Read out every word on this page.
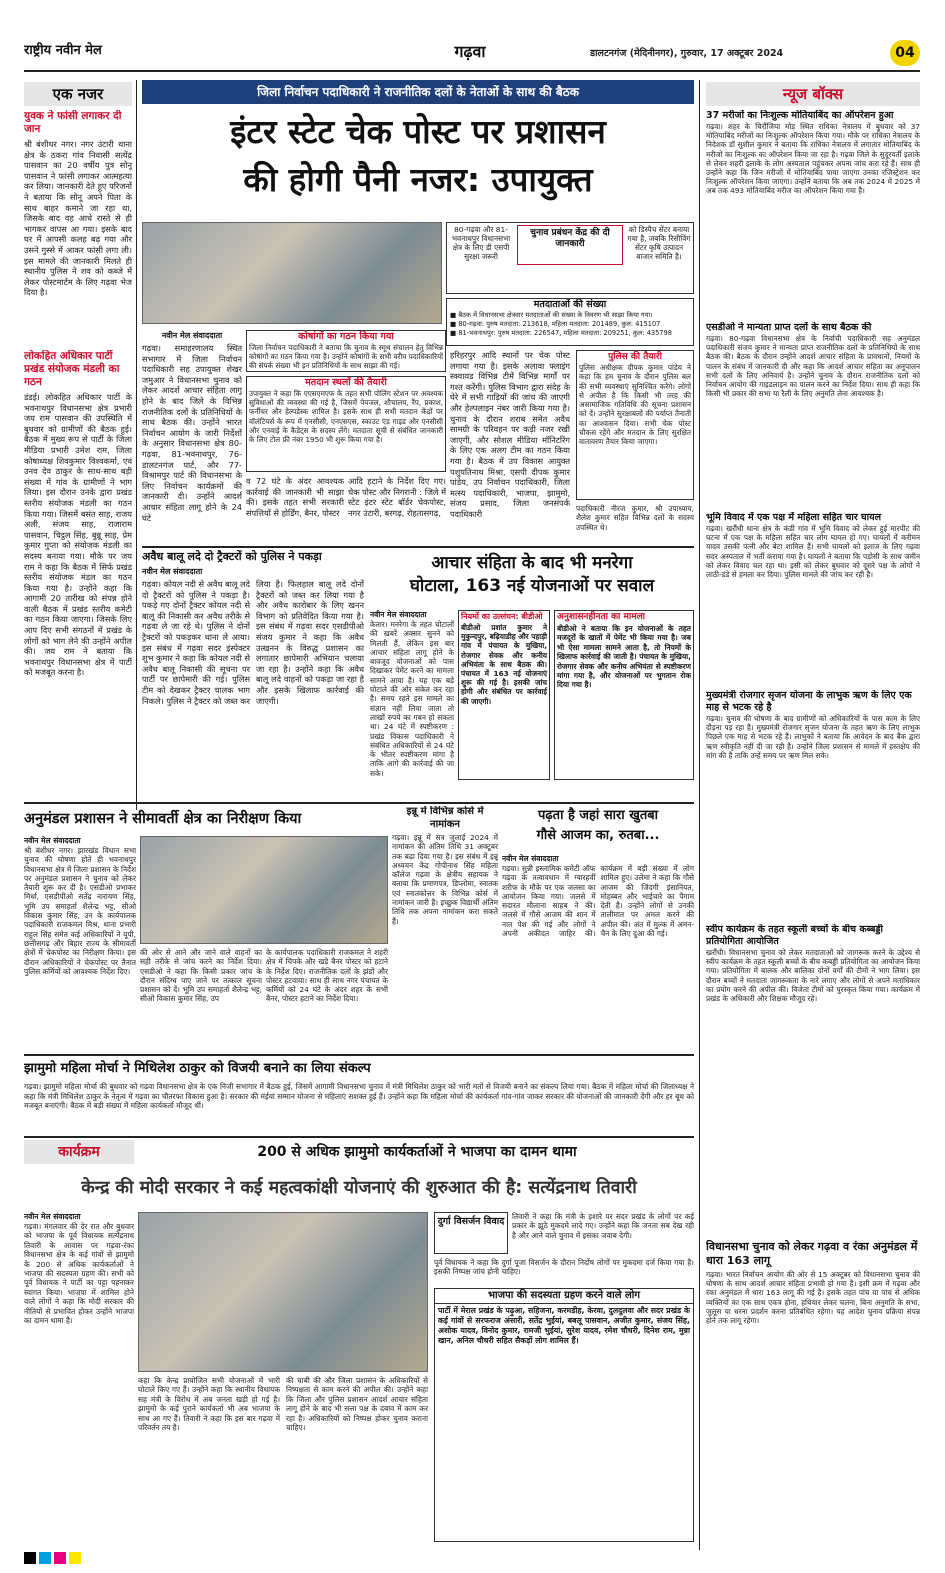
राष्ट्रीय नवीन मेल	गढ़वा	डालटनगंज (मेदिनीनगर), गुरुवार, 17 अक्टूबर 2024	04
एक नजर
युवक ने फांसी लगाकर दी जान
श्री बंशीधर नगर। नगर उंटारी थाना क्षेत्र के ठकरा गांव निवासी सत्येंद्र पासवान का 20 वर्षीय पुत्र सोनू पासवान ने फांसी लगाकर आत्महत्या कर लिया। जानकारी देते हुए परिजनों ने बताया कि सोनू अपने पिता के साथ बाहर कमाने जा रहा था, जिसके बाद वह आधे रास्ते से ही भागकर वापस आ गया। इसके बाद घर में आपसी कलह बढ़ गया और उसने गुस्से में आकर फांसी लगा ली। इस मामले की जानकारी मिलते ही स्थानीय पुलिस ने शव को कब्जे में लेकर पोस्टमार्टम के लिए गढ़वा भेज दिया है।
लोकहित अधिकार पार्टी प्रखंड संयोजक मंडली का गठन
डंडई। लोकहित अधिकार पार्टी के भवनाथपुर विधानसभा क्षेत्र प्रभारी जय राम पासवान की उपस्थिति में बुधवार को ग्रामीणों की बैठक हुई। बैठक में मुख्य रूप से पार्टी के जिला मीडिया प्रभारी उमेश राम, जिला कोषाध्यक्ष शिवकुमार विश्वकर्मा, एवं उनव देव ठाकुर के साथ-साथ बड़ी संख्या में गांव के ग्रामीणों ने भाग लिया। इस दौरान उनके द्वारा प्रखंड स्तरीय संयोजक मंडली का गठन किया गया। जिसमें बसंत साह, राजय अली, संजय साह, राजाराम पासवान, चिट्ठल सिंह, बुन्नू साह, प्रेम कुमार गुप्ता को संयोजक मंडली का सदस्य बनाया गया। मौके पर जय राम ने कहा कि बैठक में सिर्फ प्रखंड स्तरीय संयोजक मंडल का गठन किया गया है। उन्होंने कहा कि आगामी 20 तारीख को संपन्न होने वाली बैठक में प्रखंड स्तरीय कमेटी का गठन किया जाएगा। जिसके लिए आप दिए सभी संगठनों में प्रखंड के लोगों को भाग लेने की उन्होंने अपील की। जय राम ने बताया कि भवनाथपुर विधानसभा क्षेत्र में पार्टी को मजबूत करना है।
जिला निर्वाचन पदाधिकारी ने राजनीतिक दलों के नेताओं के साथ की बैठक
इंटर स्टेट चेक पोस्ट पर प्रशासन
की होगी पैनी नजर: उपायुक्त
80-गढ़वा और 81-भवनाथपुर विधानसभा क्षेत्र के लिए डी एसपी सुरक्षा जरूरी
चुनाव प्रबंधन केंद्र की दी जानकारी
को डिस्पैच सेंटर बनाया गया है, जबकि रिसीविंग सेंटर कृषि उत्पादन बाजार समिति है।
मतदाताओं की संख्या
■ बैठक में विधानसभा क्षेत्रवार मतदाताओं की संख्या के विवरण भी साझा किया गया।
■ 80-गढ़वा: पुरुष मतदाता: 213618, महिला मतदाता: 201489, कुल: 415107
■ 81-भवनाथपुर: पुरुष मतदाता: 226547, महिला मतदाता: 209251, कुल: 435798
नवीन मेल संवाददाता
गढ़वा। समाहरणालय स्थित सभागार में जिला निर्वाचन पदाधिकारी सह उपायुक्त शेखर जमुआर ने विधानसभा चुनाव को लेकर आदर्श आचार संहिता लागू होने के बाद जिले के विभिन्न राजनीतिक दलों के प्रतिनिधियों के साथ बैठक की। उन्होंने भारत निर्वाचन आयोग के जारी निर्देशों के अनुसार विधानसभा क्षेत्र 80-गढ़वा, 81-भवनाथपुर, 76-डालटनगंज पार्ट, और 77-विश्रामपुर पार्ट की विधानसभा के लिए निर्वाचन कार्यक्रमों की जानकारी दी। उन्होंने आदर्श आचार संहिता लागू होने के 24 घंटे
कोषांगों का गठन किया गया
जिला निर्वाचन पदाधिकारी ने बताया कि चुनाव के स्मूथ संचालन हेतु विभिन्न कोषांगों का गठन किया गया है। उन्होंने कोषांगों के सभी वरीय पदाधिकारियों की संपर्क संख्या भी इन प्रतिनिधियों के साथ साझा की गई।
मतदान स्थलों की तैयारी
उपायुक्त ने कहा कि एएसएमएफ के तहत सभी पोलिंग स्टेशन पर अवश्यक सुविधाओं की व्यवस्था की गई है, जिसमें पेयजल, शौचालय, रैंप, प्रकाश, फर्नीचर और हेल्पडेस्क शामिल है। इसके साथ ही सभी मतदान केंद्रों पर वॉलंटियर्स के रूप में एनसीसी, एनएसएस, स्काउट एंड गाइड और एनसीसी और एनवाई के कैडेट्स के सदस्य लेंगे। मतदाता सूची से संबंधित जानकारी के लिए टोल फ्री नंबर 1950 भी शुरू किया गया है।
व 72 घंटे के अंदर आवश्यक कार्रवाई की जानकारी भी साझा की। इसके तहत सभी सरकारी संपत्तियों से होर्डिंग, बैनर, पोस्टर
आदि हटाने के निर्देश दिए गए। चेक पोस्ट और निगरानी : जिले में स्टेट इंटर स्टेट बॉर्डर चेकपोस्ट, नगर उंटारी, बरगढ़, रोहतासगढ़,
हरिहरपुर आदि स्थानों पर चेक पोस्ट लगाया गया है। इसके अलावा फ्लाइंग स्क्वायड विभिन्न टीमें विभिन्न मार्गों पर गश्त करेंगी। पुलिस विभाग द्वारा संदेह के घेरे में सभी गाड़ियों की जांच की जाएगी और हेल्पलाइन नंबर जारी किया गया है। चुनाव के दौरान शराब समेत अवैध सामग्री के परिवहन पर कड़ी नजर रखी जाएगी, और सोशल मीडिया मॉनिटरिंग के लिए एक अलग टीम का गठन किया गया है। बैठक में उप विकास आयुक्त पशुपतिनाथ मिश्रा, एसपी दीपक कुमार पांडेय, उप निर्वाचन पदाधिकारी, जिला मत्स्य पदाधिकारी, भाजपा, झामुमो, संजय प्रसाद, जिला जनसंपर्क पदाधिकारी
पुलिस की तैयारी
पुलिस अधीक्षक दीपक कुमार पांडेय ने कहा कि हम चुनाव के दौरान पुलिस बल की सभी व्यवस्थाएं सुनिश्चित करेंगे। लोगों से अपील है कि किसी भी तरह की असामाजिक गतिविधि की सूचना प्रशासन को दें। उन्होंने सुरक्षाबलों की पर्याप्त तैनाती का आश्वासन दिया। सभी चेक पोस्ट चौकस रहेंगे और मतदान के लिए सुरक्षित वातावरण तैयार किया जाएगा।
पदाधिकारी नीरज कुमार, श्री उपाध्याय, शैलेश कुमार सहित विभिन्न दलों के सदस्य उपस्थित थे।
अवैध बालू लदे दो ट्रैक्टरों को पुलिस ने पकड़ा
नवीन मेल संवाददाता
गढ़वा। कोयल नदी से अवैध बालू लदे दो ट्रैक्टरों को पुलिस ने पकड़ा है। पकड़े गए दोनों ट्रैक्टर कोयल नदी से बालू की निकासी कर अवैध तरीके से गढ़वा ले जा रहे थे। पुलिस ने दोनों ट्रैक्टरों को पकड़कर थाना ले आया। इस संबंध में गढ़वा सदर इंस्पेक्टर शुभ कुमार ने कहा कि कोयल नदी से अवैध बालू निकासी की सूचना पर पार्टी पर छापेमारी की गई। पुलिस टीम को देखकर ट्रैक्टर चालक भाग निकले। पुलिस ने ट्रैक्टर को जब्त कर लिया है। फिलहाल बालू लदे दोनों ट्रैक्टरों को जब्त कर लिया गया है और अवैध कारोबार के लिए खनन विभाग को प्रतिवेदित किया गया है। इस संबंध में गढ़वा सदर एसडीपीओ संजय कुमार ने कहा कि अवैध उत्खनन के विरुद्ध प्रशासन का लगातार छापेमारी अभियान चलाया जा रहा है। उन्होंने कहा कि अवैध बालू लदे वाहनों को पकड़ा जा रहा है और इसके खिलाफ कार्रवाई की जाएगी।
आचार संहिता के बाद भी मनरेगा
घोटाला, 163 नई योजनाओं पर सवाल
नवीन मेल संवाददाता
केतार। मनरेगा के तहत चोटालों की खबरें अक्सर सुनने को मिलती हैं, लेकिन इस बार आचार संहिता लागू होने के बावजूद योजनाओं को पास दिखाकर पेमेंट करने का मामला सामने आया है। यह एक बड़े घोटाले की ओर संकेत कर रहा है। समय रहते इस मामले का संज्ञान नहीं लिया जाता तो लाखों रुपये का गबन हो सकता था। 24 घंटे में स्पष्टीकरण : प्रखंड विकास पदाधिकारी ने संबंधित अधिकारियों से 24 घंटे के भीतर स्पष्टीकरण मांगा है ताकि आगे की कार्रवाई की जा सके।
नियमों का उल्लंघन: बीडीओ
बीडीओ प्रशांत कुमार ने मुकुन्दपुर, बढ़ियाडीह और पहाड़ी गांव में पंचायत के मुखिया, रोजगार सेवक और कनीय अभियंता के साथ बैठक की। पंचायत में 163 नई योजनाएं शुरू की गई है। इसकी जांच होगी और संबंधित पर कार्रवाई की जाएगी।
अनुशासनहीनता का मामला
बीडीओ ने बताया कि इन योजनाओं के तहत मजदूरों के खातों में पेमेंट भी किया गया है। जब भी ऐसा मामला सामने आता है, तो नियमों के खिलाफ कार्रवाई की जाती है। पंचायत के मुखिया, रोजगार सेवक और कनीय अभियंता से स्पष्टीकरण मांगा गया है, और योजनाओं पर भुगतान रोक दिया गया है।
अनुमंडल प्रशासन ने सीमावर्ती क्षेत्र का निरीक्षण किया
नवीन मेल संवाददाता
श्री बंशीधर नगर। झारखंड विधान सभा चुनाव की घोषणा होते ही भवनाथपुर विधानसभा क्षेत्र में जिला प्रशासन के निर्देश पर अनुमंडल प्रशासन ने चुनाव को लेकर तैयारी शुरू कर दी है। एसडीओ प्रभाकर मिर्धा, एसडीपीओ सतेंद्र नारायण सिंह, भूमि उप समाहर्ता शैलेन्द्र भट्ट, सीओ विकास कुमार सिंह, उन के कार्यपालक पदाधिकारी राजकमल मिश्र, थाना प्रभारी राहुल सिंह समेत कई अधिकारियों ने यूपी, छत्तीसगढ़ और बिहार राज्य के सीमावर्ती क्षेत्रों में चेकपोस्ट का निरीक्षण किया। इस दौरान अधिकारियों ने चेकपोस्ट पर तैनात पुलिस कर्मियों को आवश्यक निर्देश दिए।
की ओर से आने और जाने वाले वाहनों का सही तरीके से जांच करने का निर्देश दिया। एसडीओ ने कहा कि किसी प्रकार जांच के दौरान संदिग्ध पाए जाने पर तत्काल सूचना प्रशासन को दें। भूमि उप समाहर्ता शैलेन्द्र भट्ट, सीओ विकास कुमार सिंह, उप
के कार्यपालक पदाधिकारी राजकमल ने शहरी क्षेत्र में चिपके और खड़े बैनर पोस्टर को हटाने के निर्देश दिए। राजनीतिक दलों के झंडों और पोस्टर हटवाया। साथ ही साथ नगर पंचायत के कर्मियों को 24 घंटे के अंदर शहर के सभी बैनर, पोस्टर हटाने का निर्देश दिया।
इन्नू में विभिन्न कोर्स में नामांकन
गढ़वा। इन्नू में सत्र जुलाई 2024 में नामांकन की अंतिम तिथि 31 अक्टूबर तक बढ़ा दिया गया है। इस संबंध में इन्नू अध्ययन केंद्र गोपीनाथ सिंह महिला कॉलेज गढ़वा के क्षेत्रीय सहायक ने बताया कि प्रमाणपत्र, डिप्लोमा, स्नातक एवं स्नातकोत्तर के विभिन्न कोर्स में नामांकन जारी है। इच्छुक विद्यार्थी अंतिम तिथि तक अपना नामांकन करा सकते हैं।
पढ़ता है जहां सारा खुतबा
गौसे आजम का, रुतबा...
नवीन मेल संवाददाता
गढ़वा। सुन्नी इस्लामिक कमेटी ऑफ गढ़वा के तत्वावधान में ग्यारहवीं शरीफ के मौके पर एक जलसा का आयोजन किया गया। जलसे में सदारत मौलाना साहब ने की। जलसे में गौसे आजम की शान में नात पेश की गई और लोगों ने अपनी अकीदत जाहिर की। कार्यक्रम में बड़ी संख्या में लोग शामिल हुए। उलेमा ने कहा कि गौसे आजम की जिंदगी इंसानियत, मोहब्बत और भाईचारे का पैगाम देती है। उन्होंने लोगों से उनकी तालीमात पर अमल करने की अपील की। अंत में मुल्क में अमन-चैन के लिए दुआ की गई।
झामुमो महिला मोर्चा ने मिथिलेश ठाकुर को विजयी बनाने का लिया संकल्प
गढ़वा। झामुमो महिला मोर्चा की बुधवार को गढ़वा विधानसभा क्षेत्र के एक निजी सभागार में बैठक हुई, जिसमें आगामी विधानसभा चुनाव में मंत्री मिथिलेश ठाकुर को भारी मतों से विजयी बनाने का संकल्प लिया गया। बैठक में महिला मोर्चा की जिलाध्यक्ष ने कहा कि मंत्री मिथिलेश ठाकुर के नेतृत्व में गढ़वा का चौतरफा विकास हुआ है। सरकार की मंईयां सम्मान योजना से महिलाएं सशक्त हुई हैं। उन्होंने कहा कि महिला मोर्चा की कार्यकर्ता गांव-गांव जाकर सरकार की योजनाओं की जानकारी देंगी और हर बूथ को मजबूत बनाएंगी। बैठक में बड़ी संख्या में महिला कार्यकर्ता मौजूद थीं।
कार्यक्रम	200 से अधिक झामुमो कार्यकर्ताओं ने भाजपा का दामन थामा
केन्द्र की मोदी सरकार ने कई महत्वकांक्षी योजनाएं की शुरुआत की है: सत्येंद्रनाथ तिवारी
नवीन मेल संवाददाता
गढ़वा। मंगलवार की देर रात और बुधवार को भाजपा के पूर्व विधायक सत्येंद्रनाथ तिवारी के आवास पर गढ़वा-रंका विधानसभा क्षेत्र के कई गांवों से झामुमो के 200 से अधिक कार्यकर्ताओं ने भाजपा की सदस्यता ग्रहण की। सभी को पूर्व विधायक ने पार्टी का पट्टा पहनाकर स्वागत किया। भाजपा में शामिल होने वाले लोगों ने कहा कि मोदी सरकार की नीतियों से प्रभावित होकर उन्होंने भाजपा का दामन थामा है।
कहा कि केन्द्र प्रायोजित सभी योजनाओं में भारी घोटाले किए गए हैं। उन्होंने कहा कि स्थानीय विधायक सह मंत्री के विरोध में अब जनता खड़ी हो गई है। झामुमो के कई पुराने कार्यकर्ता भी अब भाजपा के साथ आ गए हैं। तिवारी ने कहा कि इस बार गढ़वा में परिवर्तन तय है।
की चाबी की और जिला प्रशासन के अधिकारियों से निष्पक्षता से काम करने की अपील की। उन्होंने कहा कि जिला और पुलिस प्रशासन आदर्श आचार संहिता लागू होने के बाद भी सत्ता पक्ष के दबाव में काम कर रहा है। अधिकारियों को निष्पक्ष होकर चुनाव कराना चाहिए।
दुर्गा विसर्जन विवाद	तिवारी ने कहा कि मंत्री के इशारे पर सदर प्रखंड के लोगों पर कई प्रकार के झूठे मुकदमे लादे गए। उन्होंने कहा कि जनता सब देख रही है और आने वाले चुनाव में इसका जवाब देगी।
पूर्व विधायक ने कहा कि दुर्गा पूजा विसर्जन के दौरान निर्दोष लोगों पर मुकदमा दर्ज किया गया है। इसकी निष्पक्ष जांच होनी चाहिए।
भाजपा की सदस्यता ग्रहण करने वाले लोग
पार्टी में मेराल प्रखंड के पढ़ुआ, सहिजना, करमडीह, केरवा, दुलदुलवा और सदर प्रखंड के कई गांवों से सरफराज अंसारी, सतेंद्र भुईयां, बबलू पासवान, अजीत कुमार, संजय सिंह, अशोक यादव, विनोद कुमार, रामजी भुईयां, सुरेश यादव, रमेश चौधरी, दिनेश राम, मुन्ना खान, अनिल चौधरी सहित सैकड़ों लोग शामिल हैं।
न्यूज बॉक्स
37 मरीजों का निःशुल्क मोतियाबिंद का ऑपरेशन हुआ
गढ़वा। शहर के चिरौंजिया मोड़ स्थित राधिका नेत्रालय में बुधवार को 37 मोतियाबिंद मरीजों का निःशुल्क ऑपरेशन किया गया। मौके पर राधिका नेत्रालय के निदेशक डॉ सुशील कुमार ने बताया कि राधिका नेत्रालय में लगातार मोतियाबिंद के मरीजों का निःशुल्क का ऑपरेशन किया जा रहा है। गढ़वा जिले के सुदूरवर्ती इलाके से लेकर शहरी इलाके के लोग अस्पताल पहुंचकर अपना जांच करा रहे हैं। साथ ही उन्होंने कहा कि जिन मरीजों में मोतियाबिंद पाया जाएगा उनका रजिस्ट्रेशन कर निःशुल्क ऑपरेशन किया जाएगा। उन्होंने बताया कि अब तक 2024 में 2025 में अब तक 493 मोतियाबिंद मरीज का ऑपरेशन किया गया है।
एसडीओ ने मान्यता प्राप्त दलों के साथ बैठक की
गढ़वा। 80-गढ़वा विधानसभा क्षेत्र के निर्वाची पदाधिकारी सह अनुमंडल पदाधिकारी संजय कुमार ने मान्यता प्राप्त राजनीतिक दलों के प्रतिनिधियों के साथ बैठक की। बैठक के दौरान उन्होंने आदर्श आचार संहिता के प्रावधानों, नियमों के पालन के संबंध में जानकारी दी और कहा कि आदर्श आचार संहिता का अनुपालन सभी दलों के लिए अनिवार्य है। उन्होंने चुनाव के दौरान राजनीतिक दलों को निर्वाचन आयोग की गाइडलाइन का पालन करने का निर्देश दिया। साथ ही कहा कि किसी भी प्रकार की सभा या रैली के लिए अनुमति लेना आवश्यक है।
भूमि विवाद में एक पक्ष में महिला सहित चार घायल
गढ़वा। खरौंधी थाना क्षेत्र के कंडी गांव में भूमि विवाद को लेकर हुई मारपीट की घटना में एक पक्ष के महिला सहित चार लोग घायल हो गए। घायलों में करीमन यादव उसकी पत्नी और बेटा शामिल हैं। सभी घायलों को इलाज के लिए गढ़वा सदर अस्पताल में भर्ती कराया गया है। घायलों ने बताया कि पड़ोसी के साथ जमीन को लेकर विवाद चल रहा था। इसी को लेकर बुधवार को दूसरे पक्ष के लोगों ने लाठी-डंडे से हमला कर दिया। पुलिस मामले की जांच कर रही है।
मुख्यमंत्री रोजगार सृजन योजना के लाभुक ऋण के लिए एक माह से भटक रहे है
गढ़वा। चुनाव की घोषणा के बाद ग्रामीणों को अधिकारियों के पास काम के लिए दौड़ना पड़ रहा है। मुख्यमंत्री रोजगार सृजन योजना के तहत ऋण के लिए लाभुक पिछले एक माह से भटक रहे हैं। लाभुकों ने बताया कि आवेदन के बाद बैंक द्वारा ऋण स्वीकृति नहीं दी जा रही है। उन्होंने जिला प्रशासन से मामले में हस्तक्षेप की मांग की है ताकि उन्हें समय पर ऋण मिल सके।
स्वीप कार्यक्रम के तहत स्कूली बच्चों के बीच कब्बड्डी प्रतियोगिता आयोजित
खरौंधी। विधानसभा चुनाव को लेकर मतदाताओं को जागरूक करने के उद्देश्य से स्वीप कार्यक्रम के तहत स्कूली बच्चों के बीच कबड्डी प्रतियोगिता का आयोजन किया गया। प्रतियोगिता में बालक और बालिका दोनों वर्गों की टीमों ने भाग लिया। इस दौरान बच्चों ने मतदाता जागरूकता के नारे लगाए और लोगों से अपने मताधिकार का प्रयोग करने की अपील की। विजेता टीमों को पुरस्कृत किया गया। कार्यक्रम में प्रखंड के अधिकारी और शिक्षक मौजूद रहे।
विधानसभा चुनाव को लेकर गढ़वा व रंका अनुमंडल में धारा 163 लागू
गढ़वा। भारत निर्वाचन आयोग की ओर से 15 अक्टूबर को विधानसभा चुनाव की घोषणा के साथ आदर्श आचार संहिता प्रभावी हो गया है। इसी क्रम में गढ़वा और रंका अनुमंडल में धारा 163 लागू की गई है। इसके तहत पांच या पांच से अधिक व्यक्तियों का एक साथ एकत्र होना, हथियार लेकर चलना, बिना अनुमति के सभा, जुलूस या धरना प्रदर्शन करना प्रतिबंधित रहेगा। यह आदेश चुनाव प्रक्रिया संपन्न होने तक लागू रहेगा।
